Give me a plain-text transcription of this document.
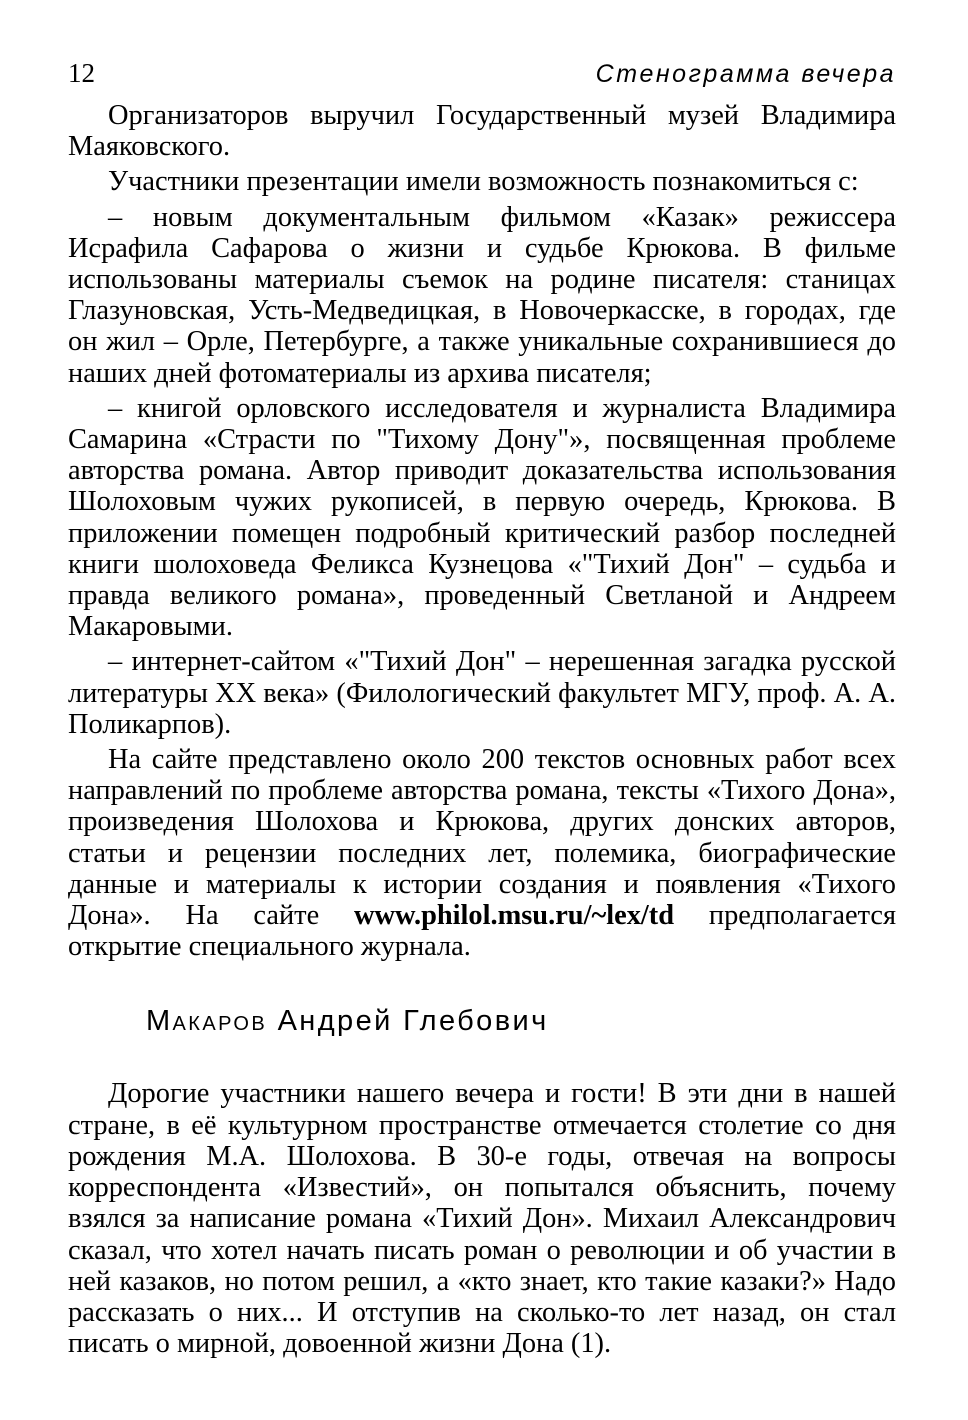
12	Стенограмма вечера

Организаторов выручил Государственный музей Владимира Маяковского.

Участники презентации имели возможность познакомиться с:

– новым документальным фильмом «Казак» режиссера Исрафила Сафарова о жизни и судьбе Крюкова. В фильме использованы материалы съемок на родине писателя: станицах Глазуновская, Усть-Медведицкая, в Новочеркасске, в городах, где он жил – Орле, Петербурге, а также уникальные сохранившиеся до наших дней фотоматериалы из архива писателя;

– книгой орловского исследователя и журналиста Владимира Самарина «Страсти по "Тихому Дону"», посвященная проблеме авторства романа. Автор приводит доказательства использования Шолоховым чужих рукописей, в первую очередь, Крюкова. В приложении помещен подробный критический разбор последней книги шолоховеда Феликса Кузнецова «"Тихий Дон" – судьба и правда великого романа», проведенный Светланой и Андреем Макаровыми.

– интернет-сайтом «"Тихий Дон" – нерешенная загадка русской литературы XX века» (Филологический факультет МГУ, проф. А. А. Поликарпов).

На сайте представлено около 200 текстов основных работ всех направлений по проблеме авторства романа, тексты «Тихого Дона», произведения Шолохова и Крюкова, других донских авторов, статьи и рецензии последних лет, полемика, биографические данные и материалы к истории создания и появления «Тихого Дона». На сайте www.philol.msu.ru/~lex/td предполагается открытие специального журнала.

Макаров Андрей Глебович

Дорогие участники нашего вечера и гости! В эти дни в нашей стране, в её культурном пространстве отмечается столетие со дня рождения М.А. Шолохова. В 30-е годы, отвечая на вопросы корреспондента «Известий», он попытался объяснить, почему взялся за написание романа «Тихий Дон». Михаил Александрович сказал, что хотел начать писать роман о революции и об участии в ней казаков, но потом решил, а «кто знает, кто такие казаки?» Надо рассказать о них... И отступив на сколько-то лет назад, он стал писать о мирной, довоенной жизни Дона (1).
